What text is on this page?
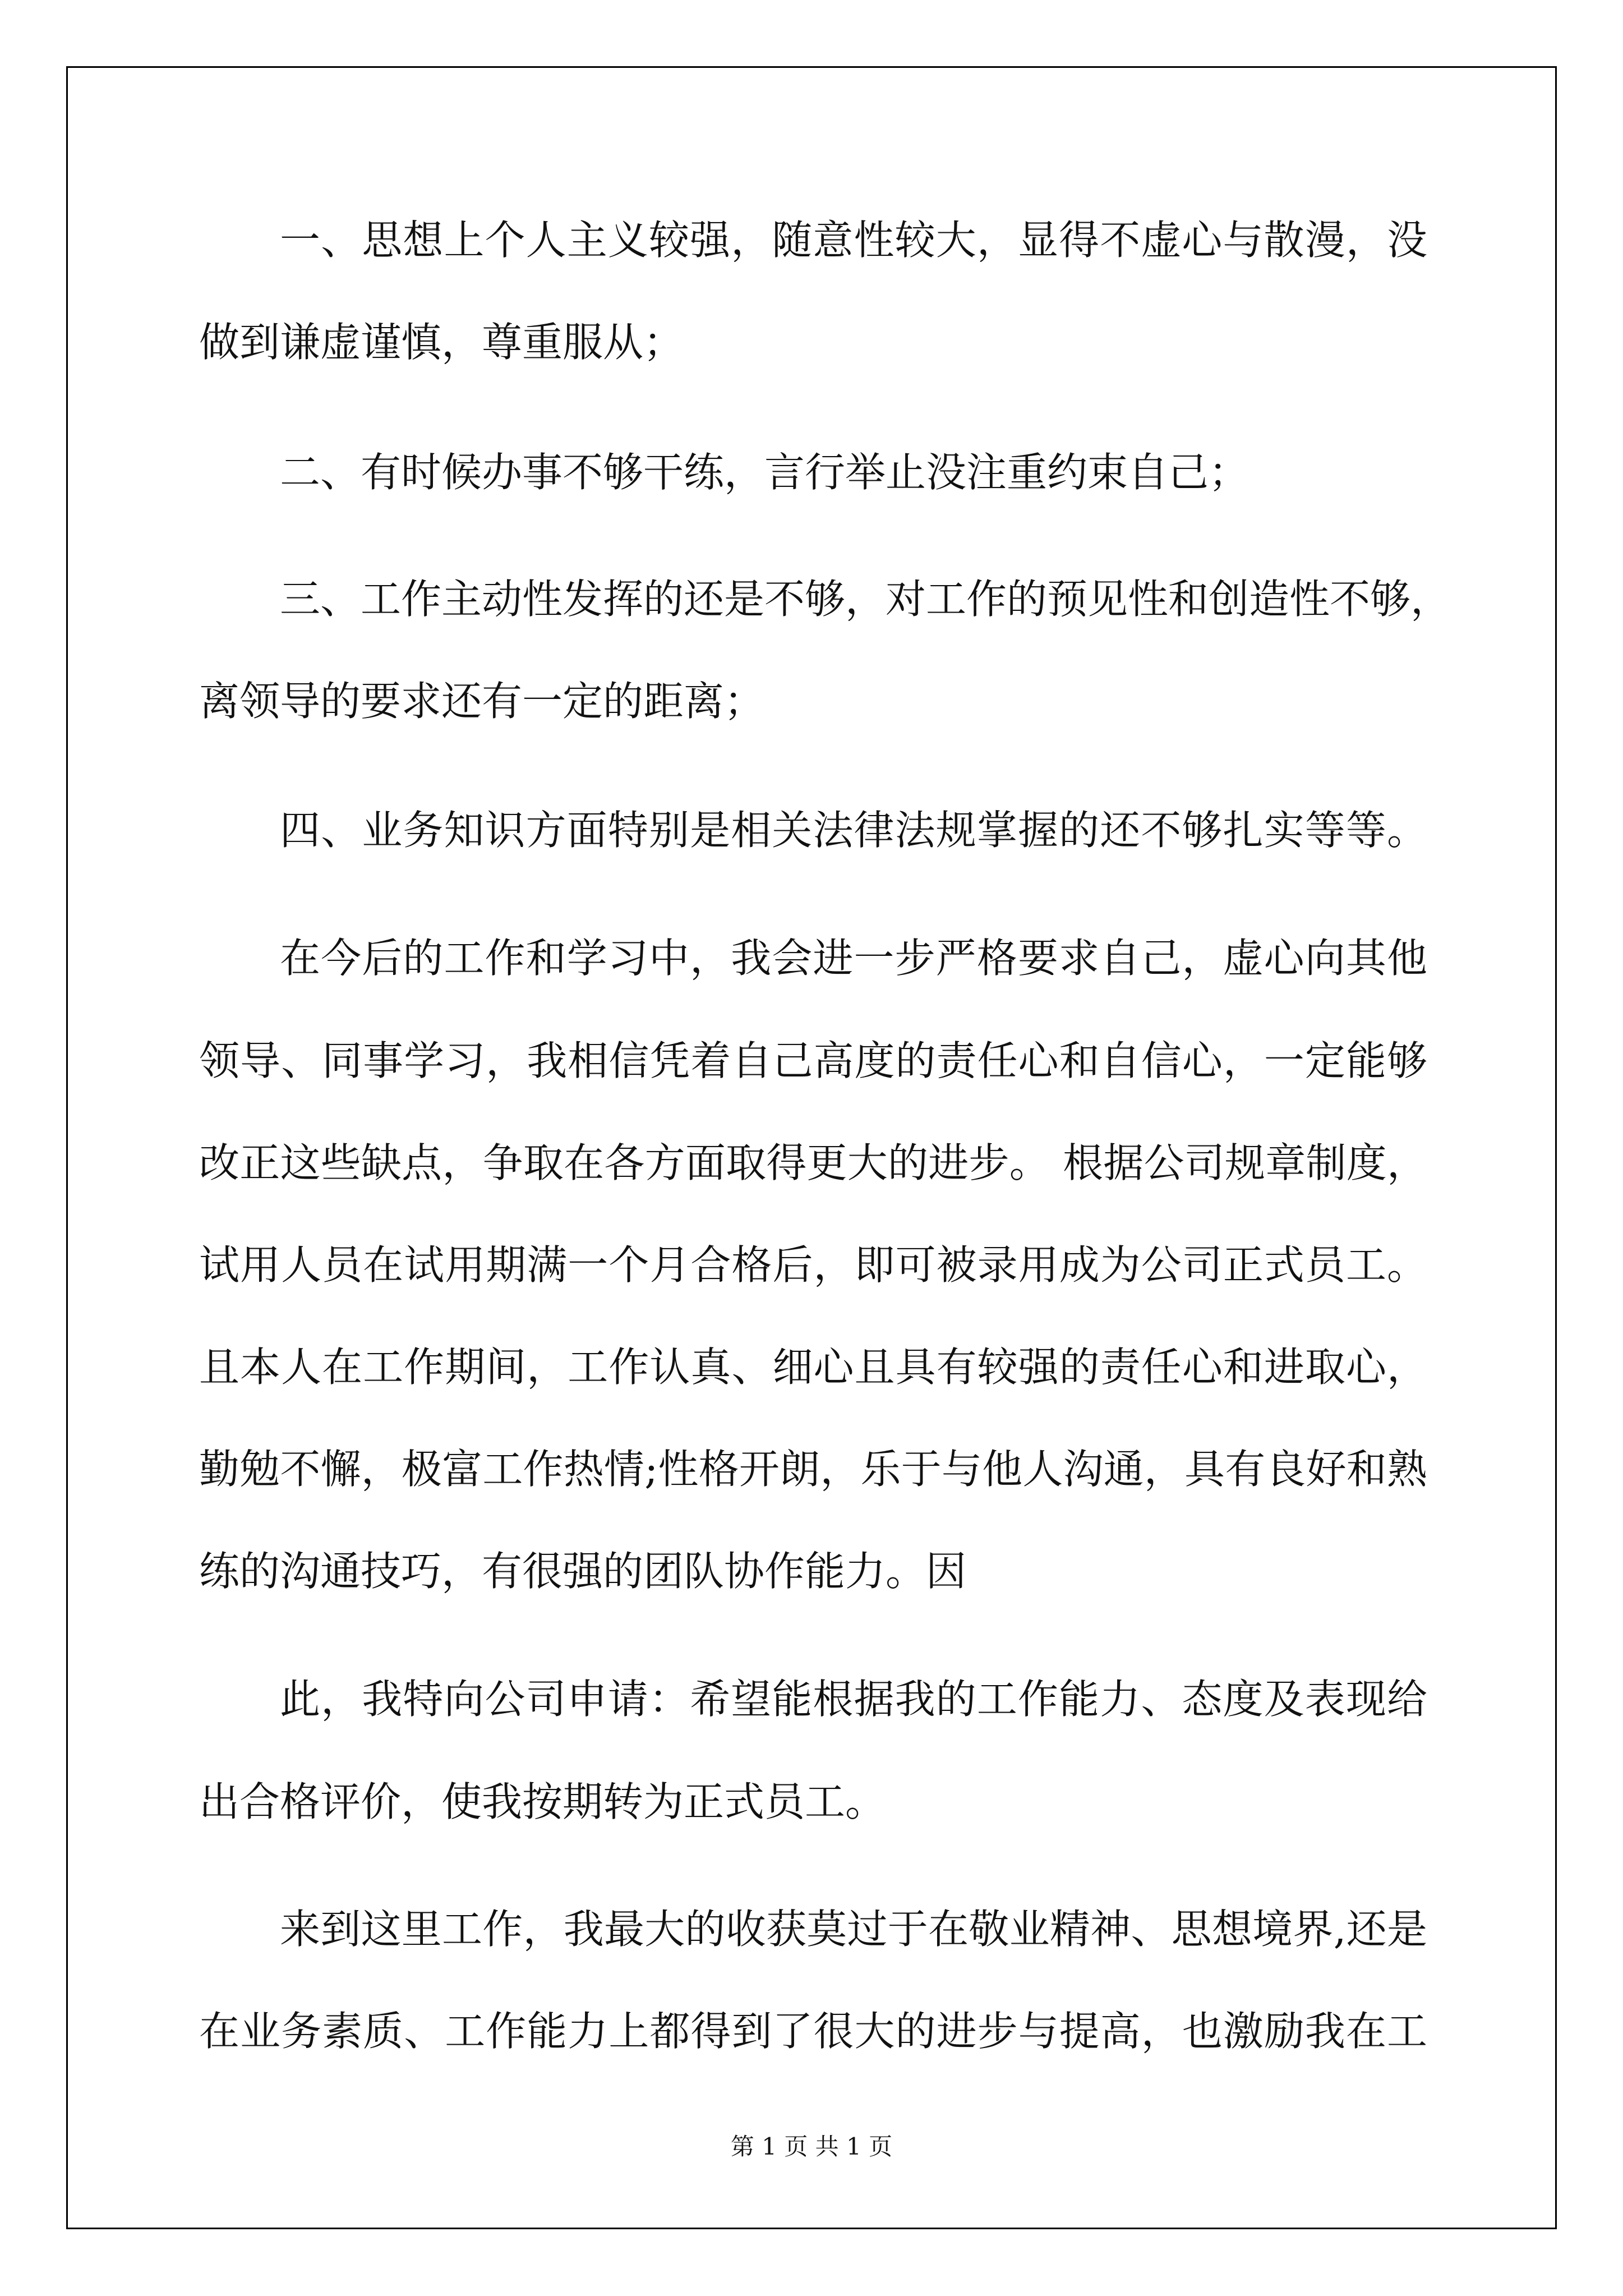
一、思想上个人主义较强，随意性较大，显得不虚心与散漫，没
做到谦虚谨慎，尊重服从；
二、有时候办事不够干练，言行举止没注重约束自己；
三、工作主动性发挥的还是不够，对工作的预见性和创造性不够，
离领导的要求还有一定的距离；
四、业务知识方面特别是相关法律法规掌握的还不够扎实等等。
在今后的工作和学习中，我会进一步严格要求自己，虚心向其他
领导、同事学习，我相信凭着自己高度的责任心和自信心，一定能够
改正这些缺点，争取在各方面取得更大的进步。 根据公司规章制度，
试用人员在试用期满一个月合格后，即可被录用成为公司正式员工。
且本人在工作期间，工作认真、细心且具有较强的责任心和进取心，
勤勉不懈，极富工作热情;性格开朗，乐于与他人沟通，具有良好和熟
练的沟通技巧，有很强的团队协作能力。因
此，我特向公司申请：希望能根据我的工作能力、态度及表现给
出合格评价，使我按期转为正式员工。
来到这里工作，我最大的收获莫过于在敬业精神、思想境界,还是
在业务素质、工作能力上都得到了很大的进步与提高，也激励我在工
第 1 页 共 1 页
